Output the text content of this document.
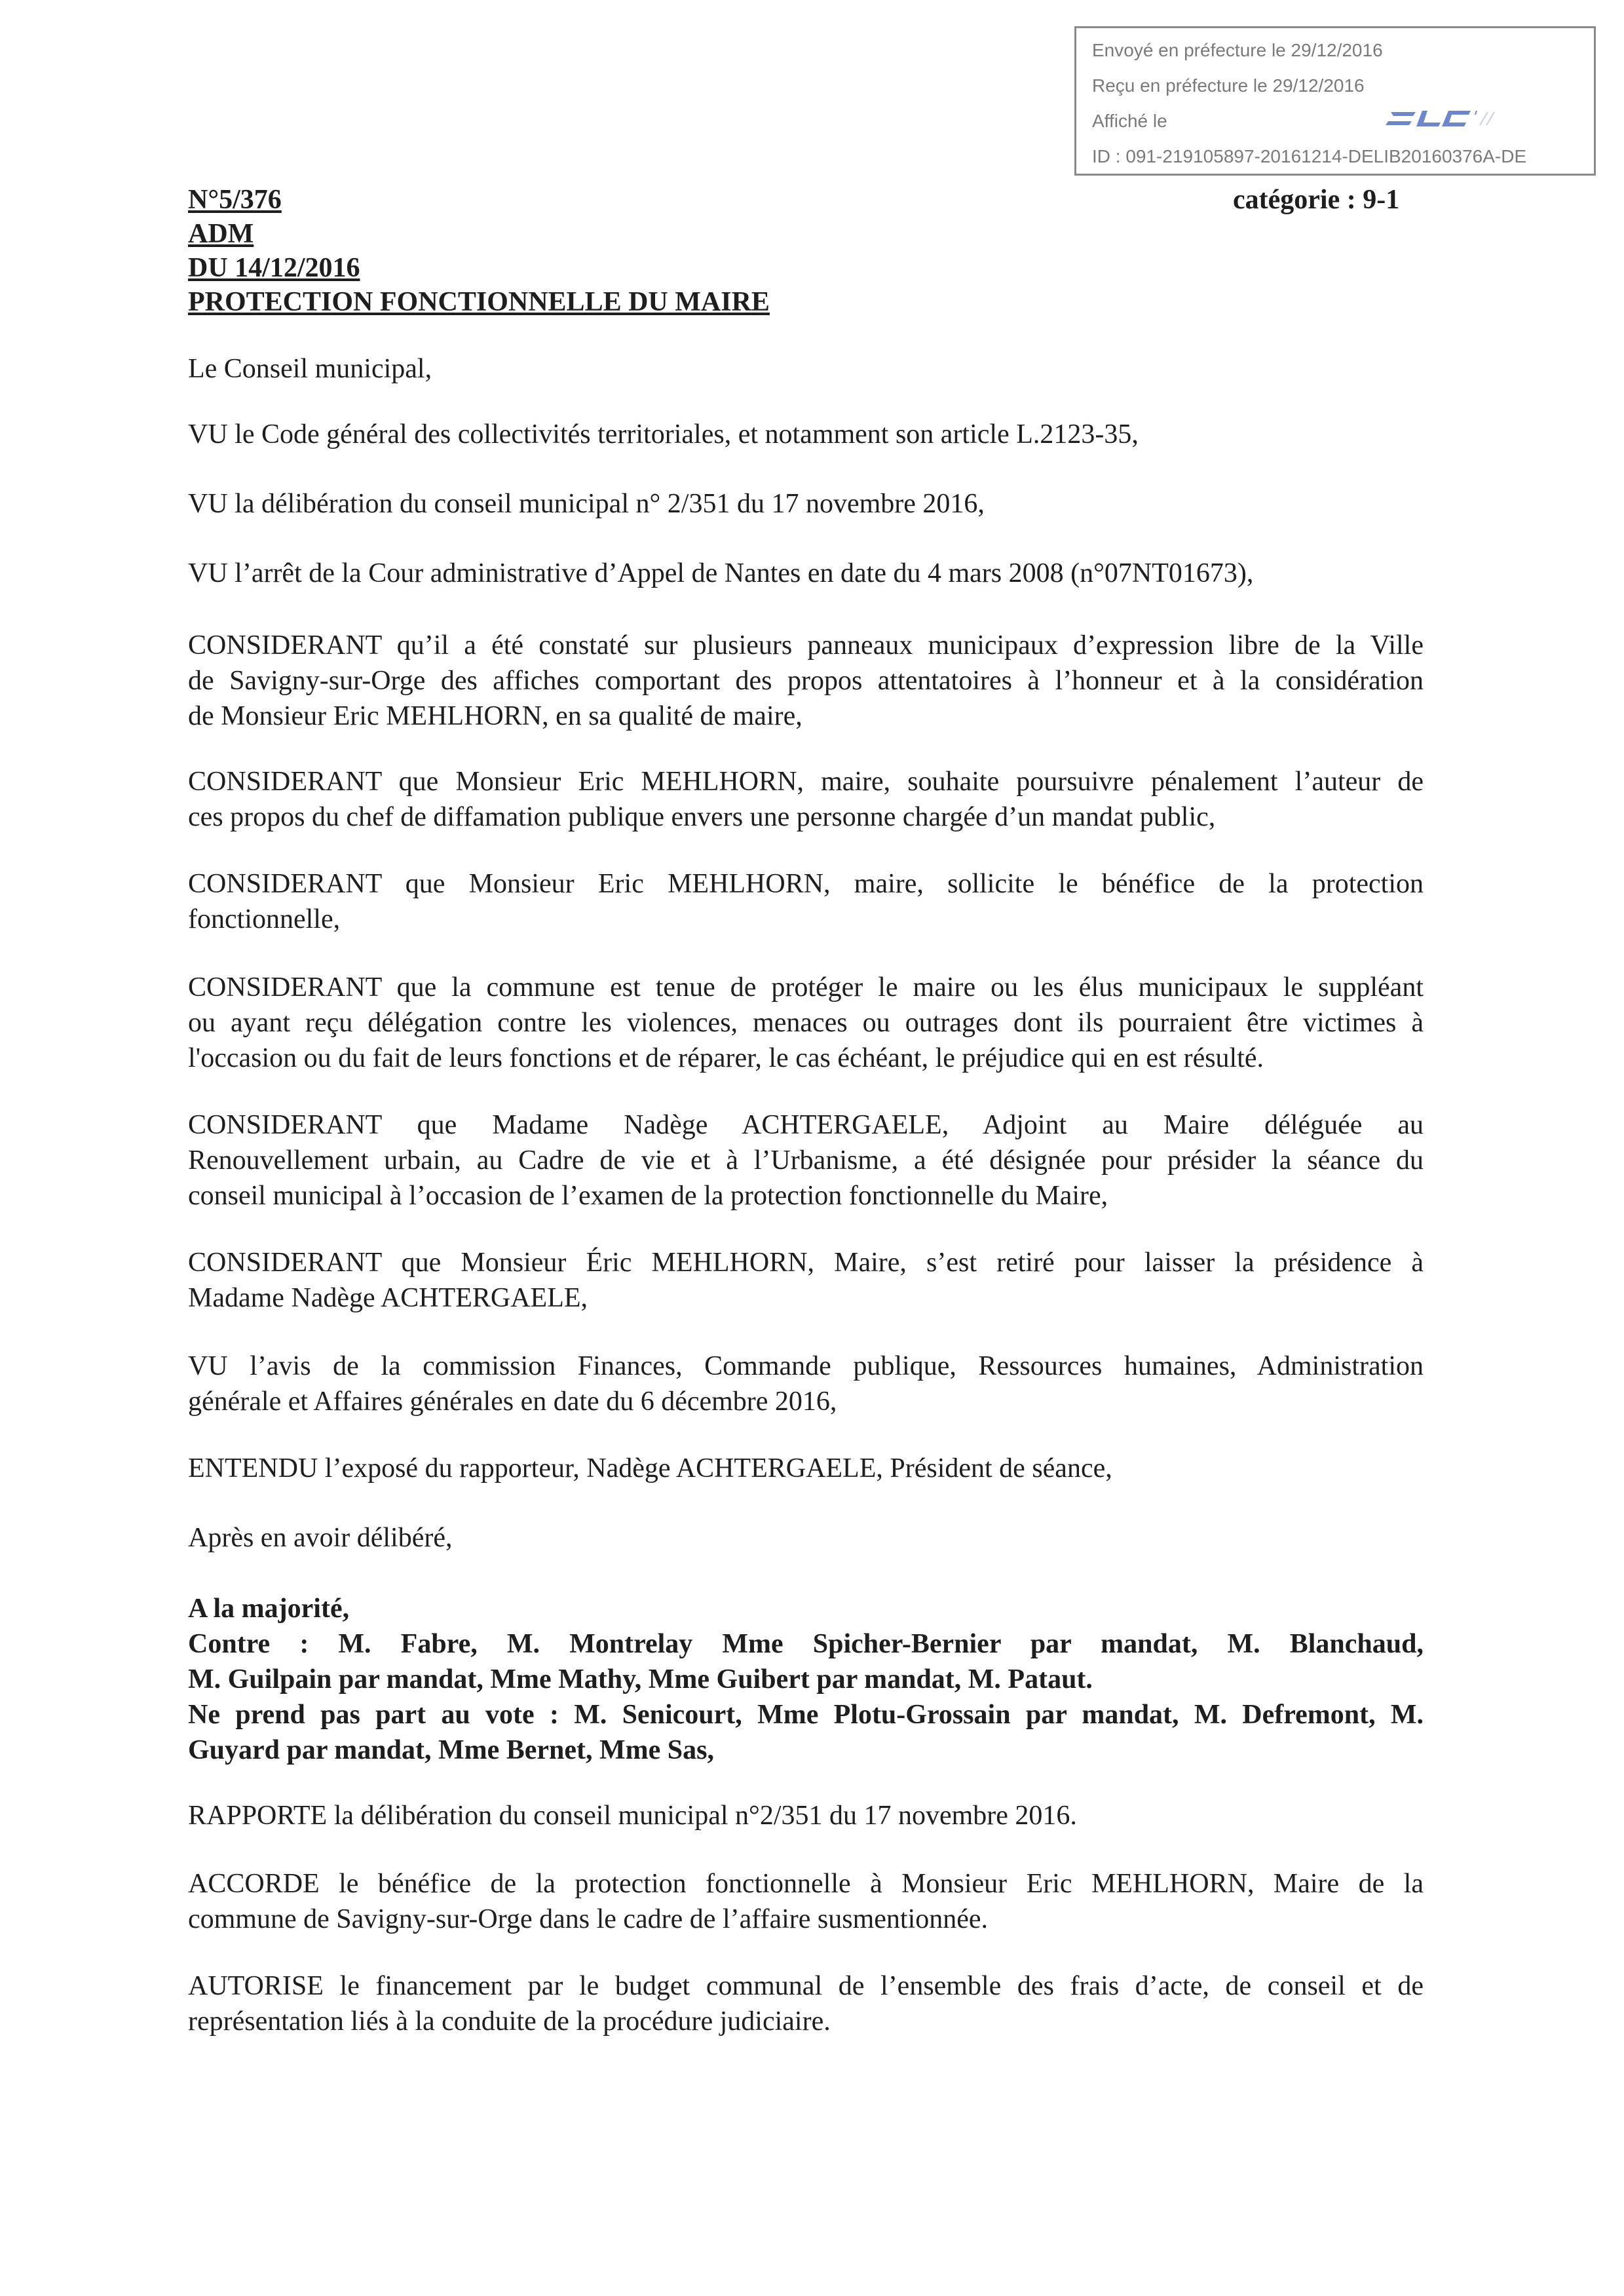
Envoyé en préfecture le 29/12/2016
Reçu en préfecture le 29/12/2016
Affiché le
ID : 091-219105897-20161214-DELIB20160376A-DE
N°5/376
ADM
DU 14/12/2016
PROTECTION FONCTIONNELLE DU MAIRE
catégorie : 9-1
Le Conseil municipal,
VU le Code général des collectivités territoriales, et notamment son article L.2123-35,
VU la délibération du conseil municipal n° 2/351 du 17 novembre 2016,
VU l’arrêt de la Cour administrative d’Appel de Nantes en date du 4 mars 2008 (n°07NT01673),
CONSIDERANT qu’il a été constaté sur plusieurs panneaux municipaux d’expression libre de la Ville
de Savigny-sur-Orge des affiches comportant des propos attentatoires à l’honneur et à la considération
de Monsieur Eric MEHLHORN, en sa qualité de maire,
CONSIDERANT que Monsieur Eric MEHLHORN, maire, souhaite poursuivre pénalement l’auteur de
ces propos du chef de diffamation publique envers une personne chargée d’un mandat public,
CONSIDERANT que Monsieur Eric MEHLHORN, maire, sollicite le bénéfice de la protection
fonctionnelle,
CONSIDERANT que la commune est tenue de protéger le maire ou les élus municipaux le suppléant
ou ayant reçu délégation contre les violences, menaces ou outrages dont ils pourraient être victimes à
l'occasion ou du fait de leurs fonctions et de réparer, le cas échéant, le préjudice qui en est résulté.
CONSIDERANT que Madame Nadège ACHTERGAELE, Adjoint au Maire déléguée au
Renouvellement urbain, au Cadre de vie et à l’Urbanisme, a été désignée pour présider la séance du
conseil municipal à l’occasion de l’examen de la protection fonctionnelle du Maire,
CONSIDERANT que Monsieur Éric MEHLHORN, Maire, s’est retiré pour laisser la présidence à
Madame Nadège ACHTERGAELE,
VU l’avis de la commission Finances, Commande publique, Ressources humaines, Administration
générale et Affaires générales en date du 6 décembre 2016,
ENTENDU l’exposé du rapporteur, Nadège ACHTERGAELE, Président de séance,
Après en avoir délibéré,
A la majorité,
Contre : M. Fabre, M. Montrelay Mme Spicher-Bernier par mandat, M. Blanchaud,
M. Guilpain par mandat, Mme Mathy, Mme Guibert par mandat, M. Pataut.
Ne prend pas part au vote : M. Senicourt, Mme Plotu-Grossain par mandat, M. Defremont, M.
Guyard par mandat, Mme Bernet, Mme Sas,
RAPPORTE la délibération du conseil municipal n°2/351 du 17 novembre 2016.
ACCORDE le bénéfice de la protection fonctionnelle à Monsieur Eric MEHLHORN, Maire de la
commune de Savigny-sur-Orge dans le cadre de l’affaire susmentionnée.
AUTORISE le financement par le budget communal de l’ensemble des frais d’acte, de conseil et de
représentation liés à la conduite de la procédure judiciaire.
